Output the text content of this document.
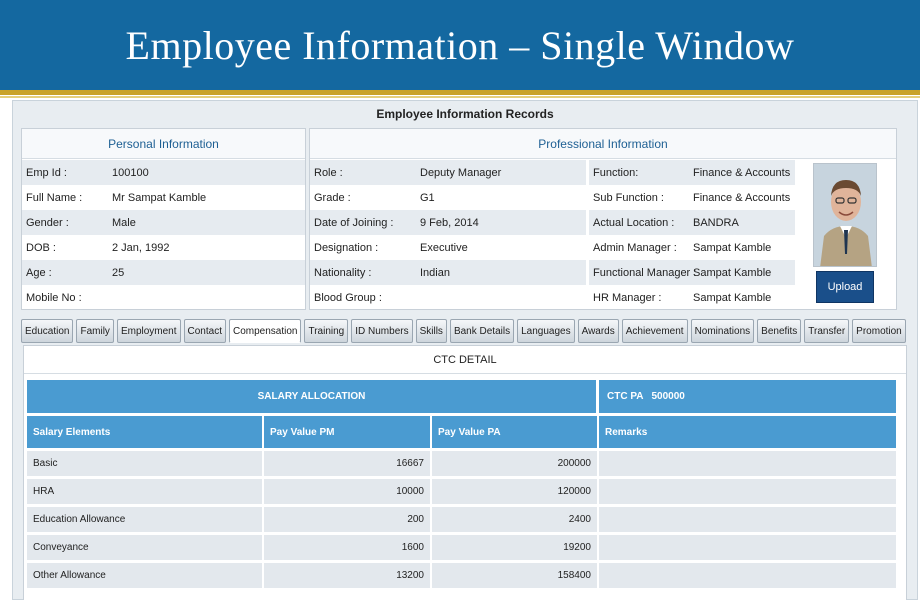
Employee Information – Single Window
Employee Information Records
Personal Information
Emp Id :	100100
Full Name :	Mr Sampat Kamble
Gender :	Male
DOB :	2 Jan, 1992
Age :	25
Mobile No :
Professional Information
Role :	Deputy Manager
Grade :	G1
Date of Joining : 9 Feb, 2014
Designation :	Executive
Nationality :	Indian
Blood Group :
Function:	Finance & Accounts
Sub Function :	Finance & Accounts
Actual Location : BANDRA
Admin Manager : Sampat Kamble
Functional Manager :
Sampat Kamble
HR Manager :	Sampat Kamble
Upload
Education	Family	Employment	Contact	Compensation	Training	ID Numbers	Skills	Bank Details	Languages	Awards	Achievement	Nominations	Benefits	Transfer	Promotion
CTC DETAIL
SALARY ALLOCATION	CTC PA 500000
Salary Elements	Pay Value PM	Pay Value PA	Remarks
Basic	16667	200000
HRA	10000	120000
Education Allowance	200	2400
Conveyance	1600	19200
Other Allowance	13200	158400
